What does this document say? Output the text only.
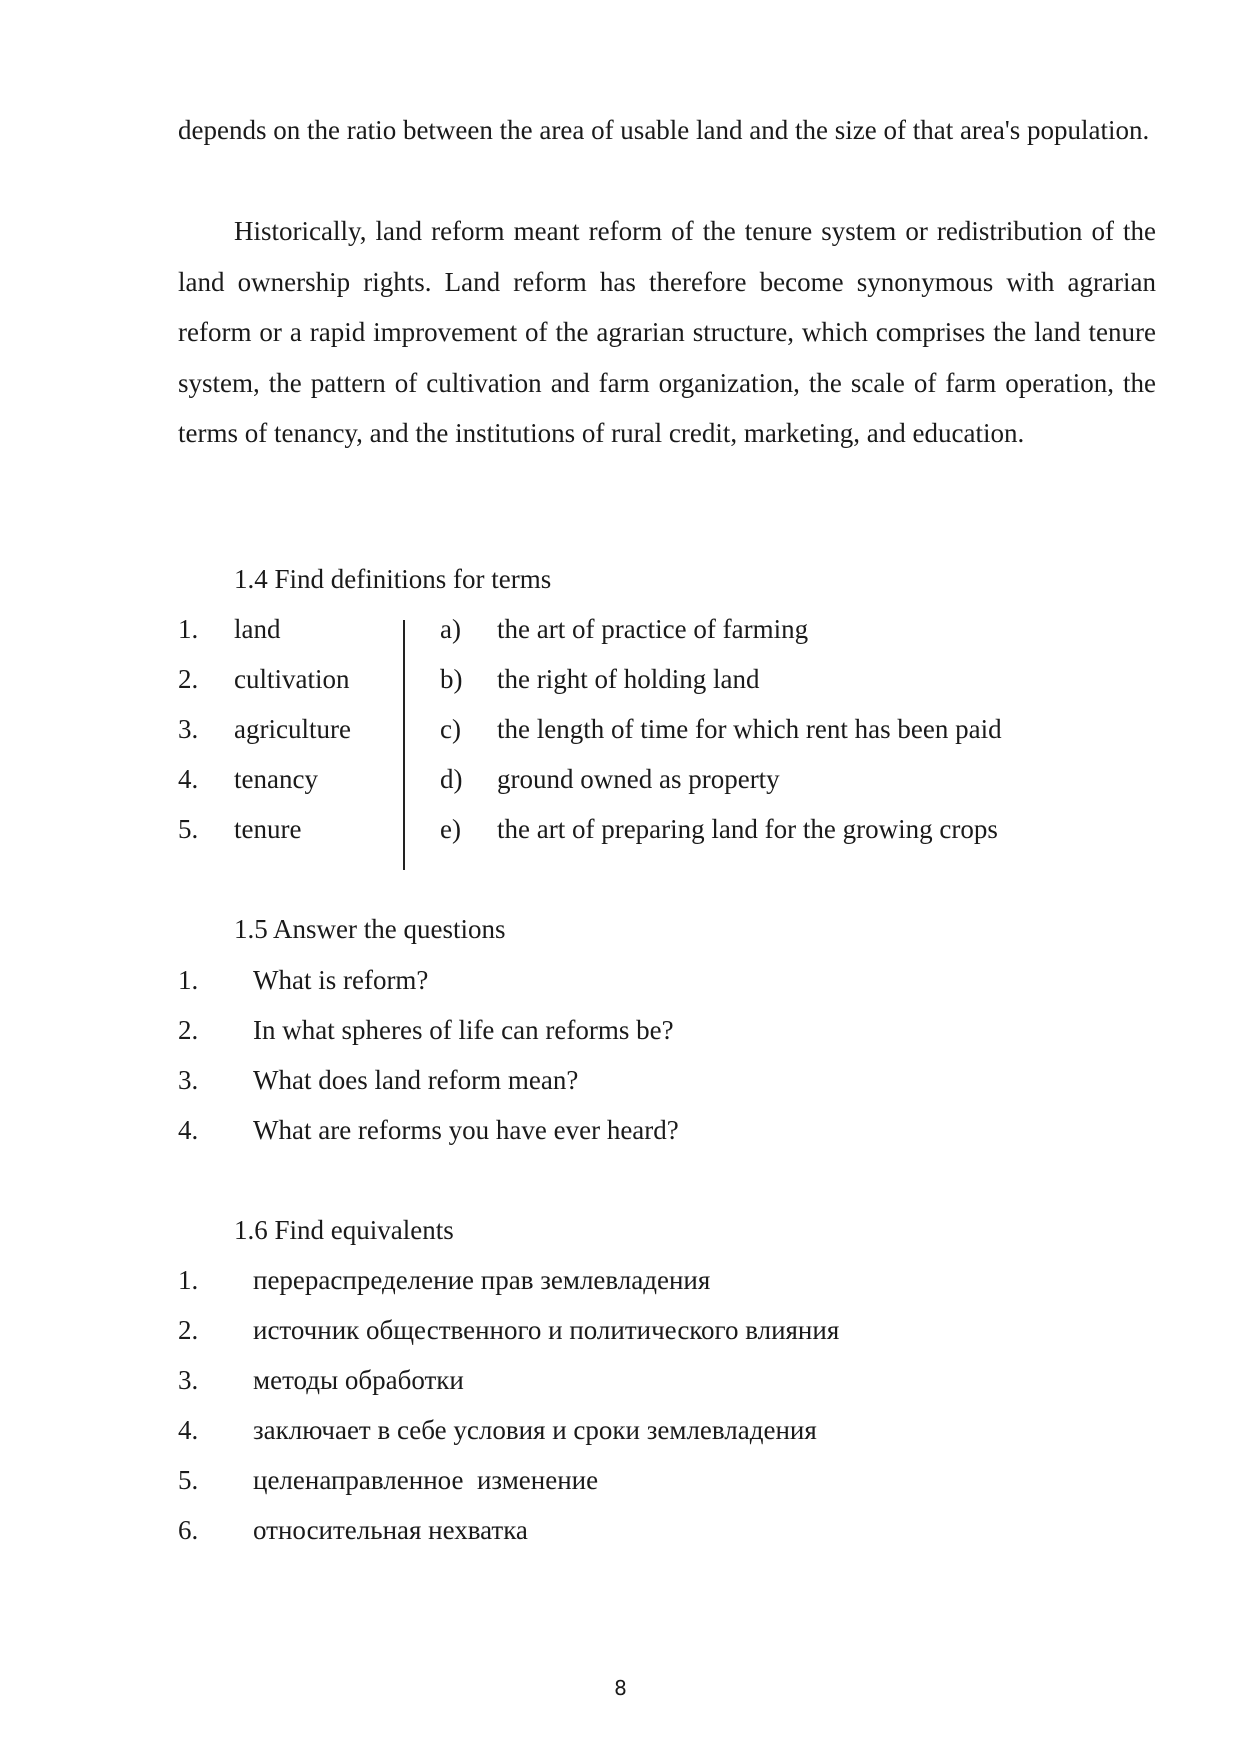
depends on the ratio between the area of usable land and the size of that area's population.

Historically, land reform meant reform of the tenure system or redistribution of the land ownership rights. Land reform has therefore become synonymous with agrarian reform or a rapid improvement of the agrarian structure, which comprises the land tenure system, the pattern of cultivation and farm organization, the scale of farm operation, the terms of tenancy, and the institutions of rural credit, marketing, and education.

1.4 Find definitions for terms

1. land
2. cultivation
3. agriculture
4. tenancy
5. tenure
a) the art of practice of farming
b) the right of holding land
c) the length of time for which rent has been paid
d) ground owned as property
e) the art of preparing land for the growing crops

1.5 Answer the questions

1. What is reform?
2. In what spheres of life can reforms be?
3. What does land reform mean?
4. What are reforms you have ever heard?

1.6 Find equivalents

1. перераспределение прав землевладения
2. источник общественного и политического влияния
3. методы обработки
4. заключает в себе условия и сроки землевладения
5. целенаправленное  изменение
6. относительная нехватка
8
